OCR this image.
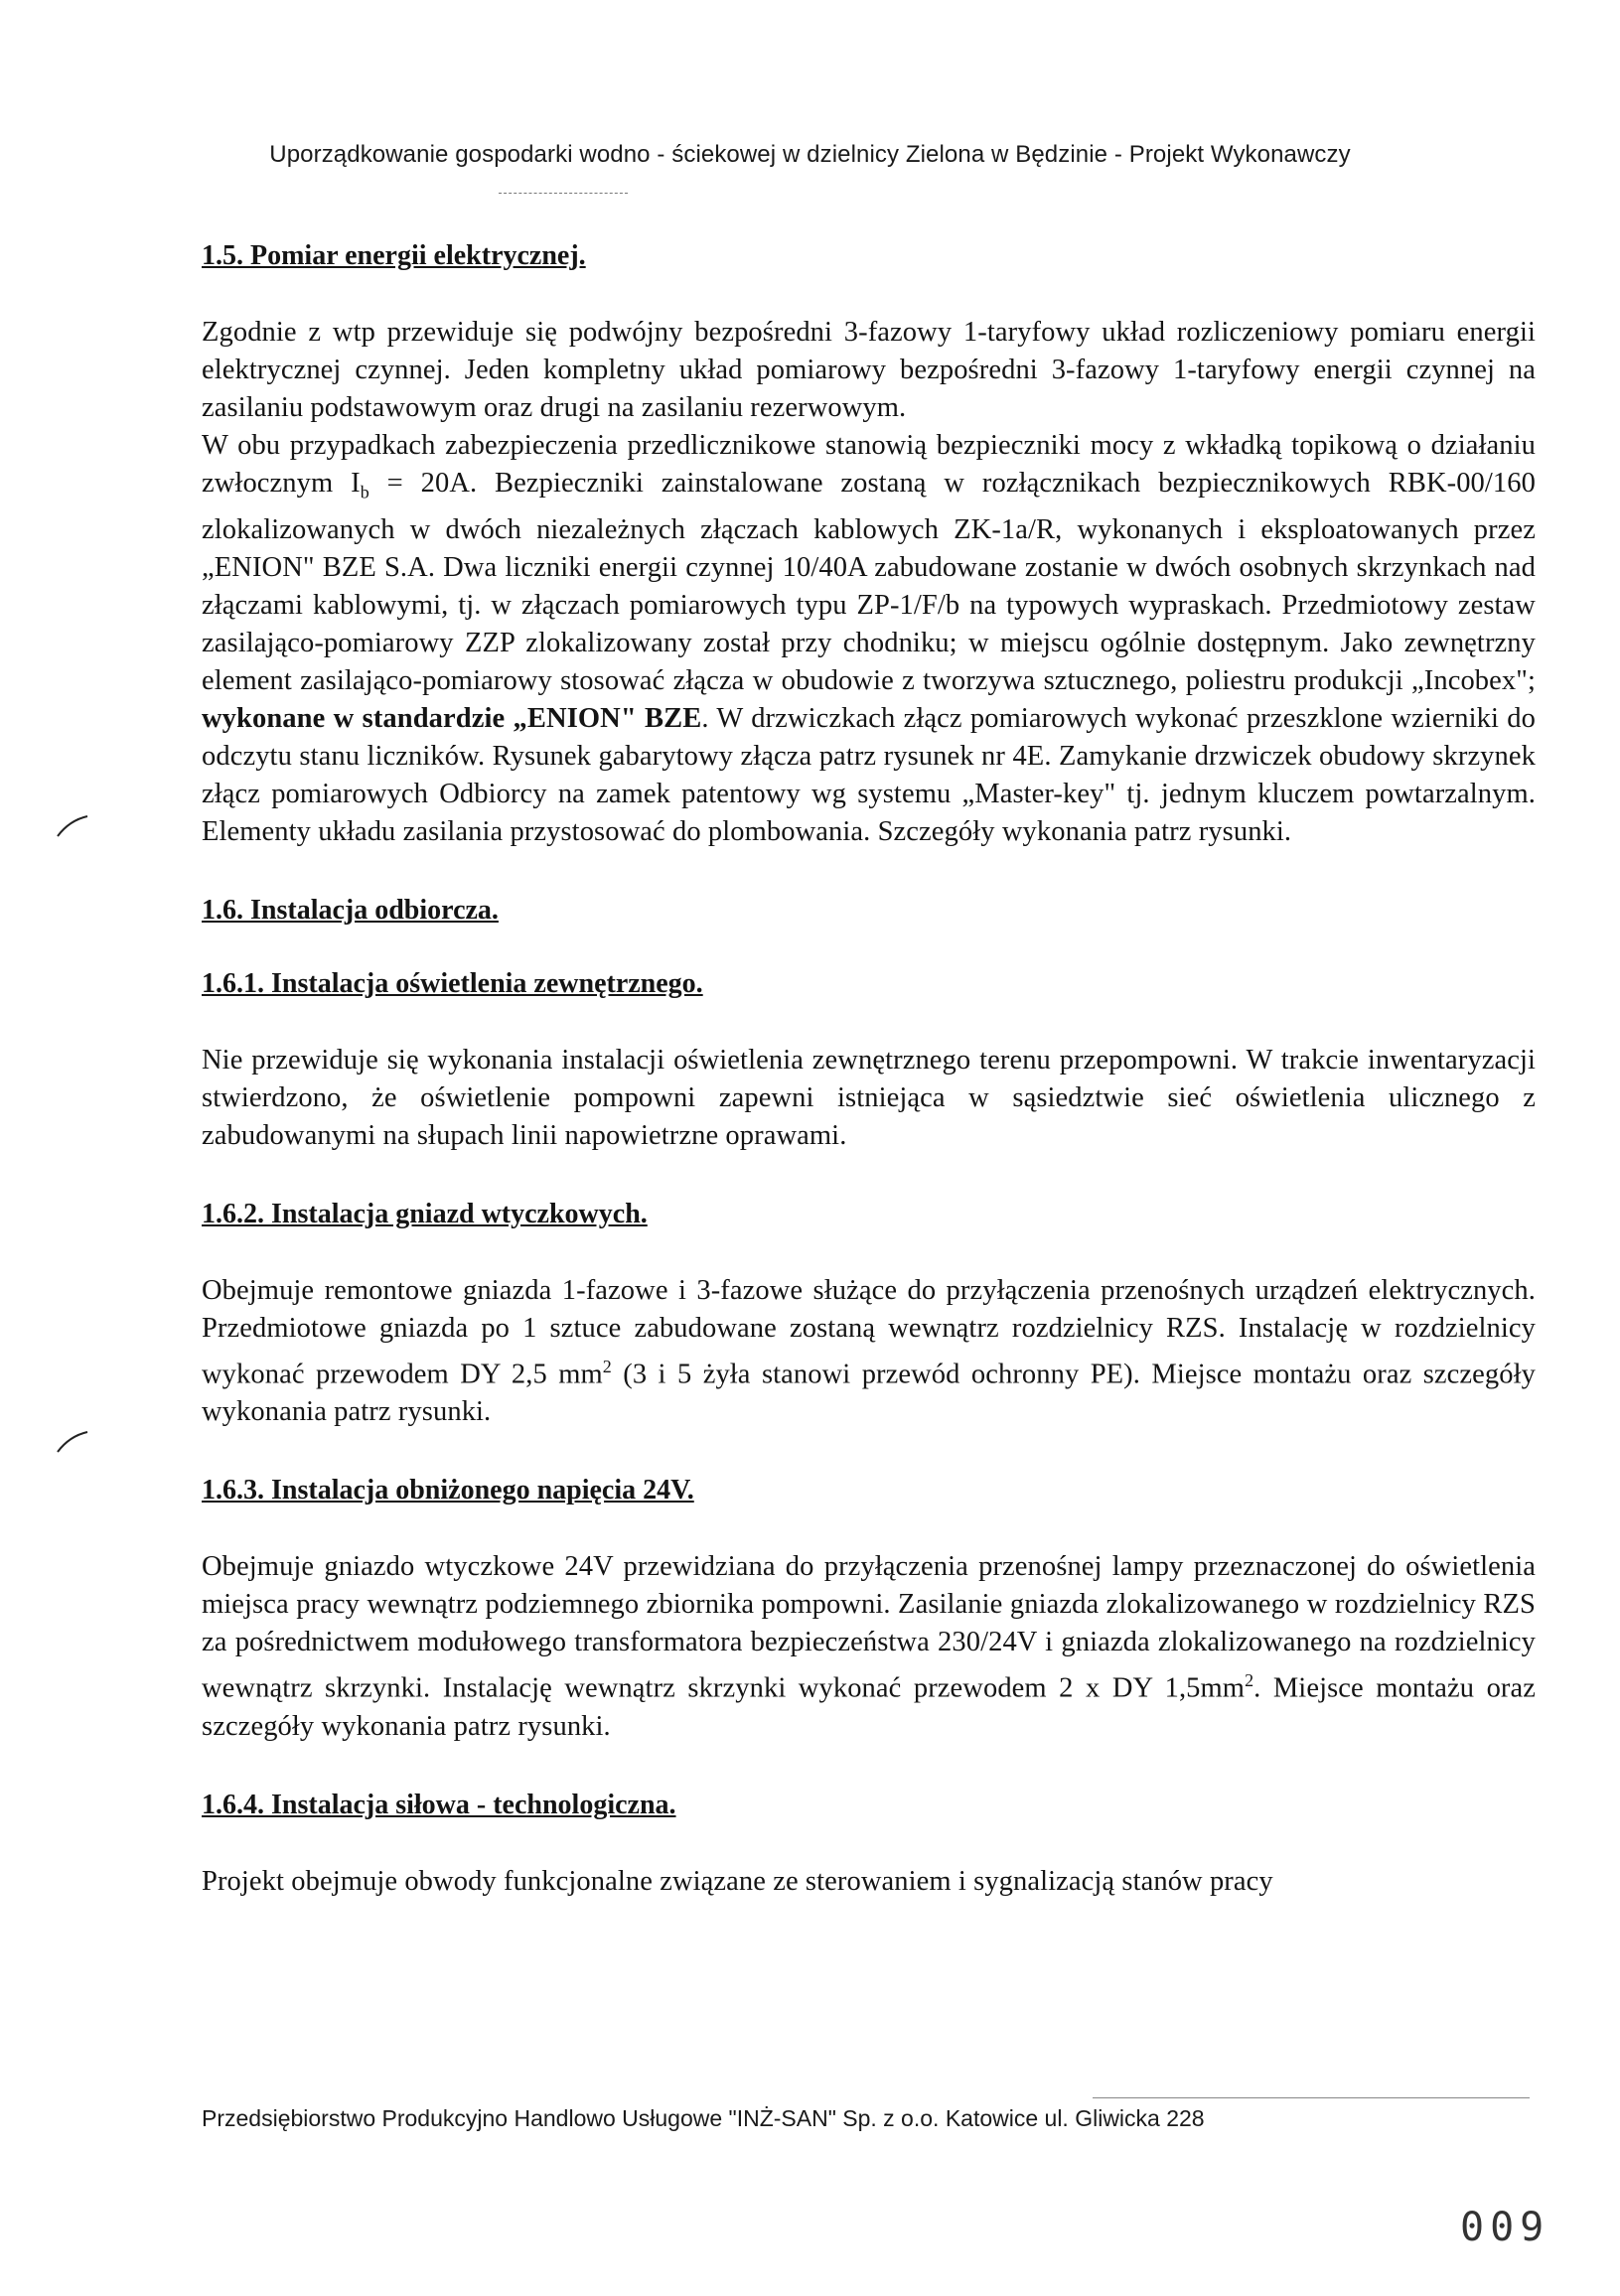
Uporządkowanie gospodarki wodno - ściekowej w dzielnicy Zielona w Będzinie - Projekt Wykonawczy

1.5. Pomiar energii elektrycznej.

Zgodnie z wtp przewiduje się podwójny bezpośredni 3-fazowy 1-taryfowy układ rozliczeniowy pomiaru energii elektrycznej czynnej. Jeden kompletny układ pomiarowy bezpośredni 3-fazowy 1-taryfowy energii czynnej na zasilaniu podstawowym oraz drugi na zasilaniu rezerwowym.

W obu przypadkach zabezpieczenia przedlicznikowe stanowią bezpieczniki mocy z wkładką topikową o działaniu zwłocznym $I_b = 20A$. Bezpieczniki zainstalowane zostaną w rozłącznikach bezpiecznikowych RBK-00/160 zlokalizowanych w dwóch niezależnych złączach kablowych ZK-1a/R, wykonanych i eksploatowanych przez „ENION" BZE S.A. Dwa liczniki energii czynnej 10/40A zabudowane zostanie w dwóch osobnych skrzynkach nad złączami kablowymi, tj. w złączach pomiarowych typu ZP-1/F/b na typowych wypraskach. Przedmiotowy zestaw zasilająco-pomiarowy ZZP zlokalizowany został przy chodniku; w miejscu ogólnie dostępnym. Jako zewnętrzny element zasilająco-pomiarowy stosować złącza w obudowie z tworzywa sztucznego, poliestru produkcji „Incobex"; wykonane w standardzie „ENION" BZE. W drzwiczkach złącz pomiarowych wykonać przeszklone wzierniki do odczytu stanu liczników. Rysunek gabarytowy złącza patrz rysunek nr 4E. Zamykanie drzwiczek obudowy skrzynek złącz pomiarowych Odbiorcy na zamek patentowy wg systemu „Master-key" tj. jednym kluczem powtarzalnym. Elementy układu zasilania przystosować do plombowania. Szczegóły wykonania patrz rysunki.

1.6. Instalacja odbiorcza.

1.6.1. Instalacja oświetlenia zewnętrznego.

Nie przewiduje się wykonania instalacji oświetlenia zewnętrznego terenu przepompowni. W trakcie inwentaryzacji stwierdzono, że oświetlenie pompowni zapewni istniejąca w sąsiedztwie sieć oświetlenia ulicznego z zabudowanymi na słupach linii napowietrzne oprawami.

1.6.2. Instalacja gniazd wtyczkowych.

Obejmuje remontowe gniazda 1-fazowe i 3-fazowe służące do przyłączenia przenośnych urządzeń elektrycznych. Przedmiotowe gniazda po 1 sztuce zabudowane zostaną wewnątrz rozdzielnicy RZS. Instalację w rozdzielnicy wykonać przewodem DY 2,5 $mm^2$ (3 i 5 żyła stanowi przewód ochronny PE). Miejsce montażu oraz szczegóły wykonania patrz rysunki.

1.6.3. Instalacja obniżonego napięcia 24V.

Obejmuje gniazdo wtyczkowe 24V przewidziana do przyłączenia przenośnej lampy przeznaczonej do oświetlenia miejsca pracy wewnątrz podziemnego zbiornika pompowni. Zasilanie gniazda zlokalizowanego w rozdzielnicy RZS za pośrednictwem modułowego transformatora bezpieczeństwa 230/24V i gniazda zlokalizowanego na rozdzielnicy wewnątrz skrzynki. Instalację wewnątrz skrzynki wykonać przewodem 2 x DY $1,5mm^2$. Miejsce montażu oraz szczegóły wykonania patrz rysunki.

1.6.4. Instalacja siłowa - technologiczna.

Projekt obejmuje obwody funkcjonalne związane ze sterowaniem i sygnalizacją stanów pracy

Przedsiębiorstwo Produkcyjno Handlowo Usługowe "INŻ-SAN" Sp. z o.o. Katowice ul. Gliwicka 228
009
